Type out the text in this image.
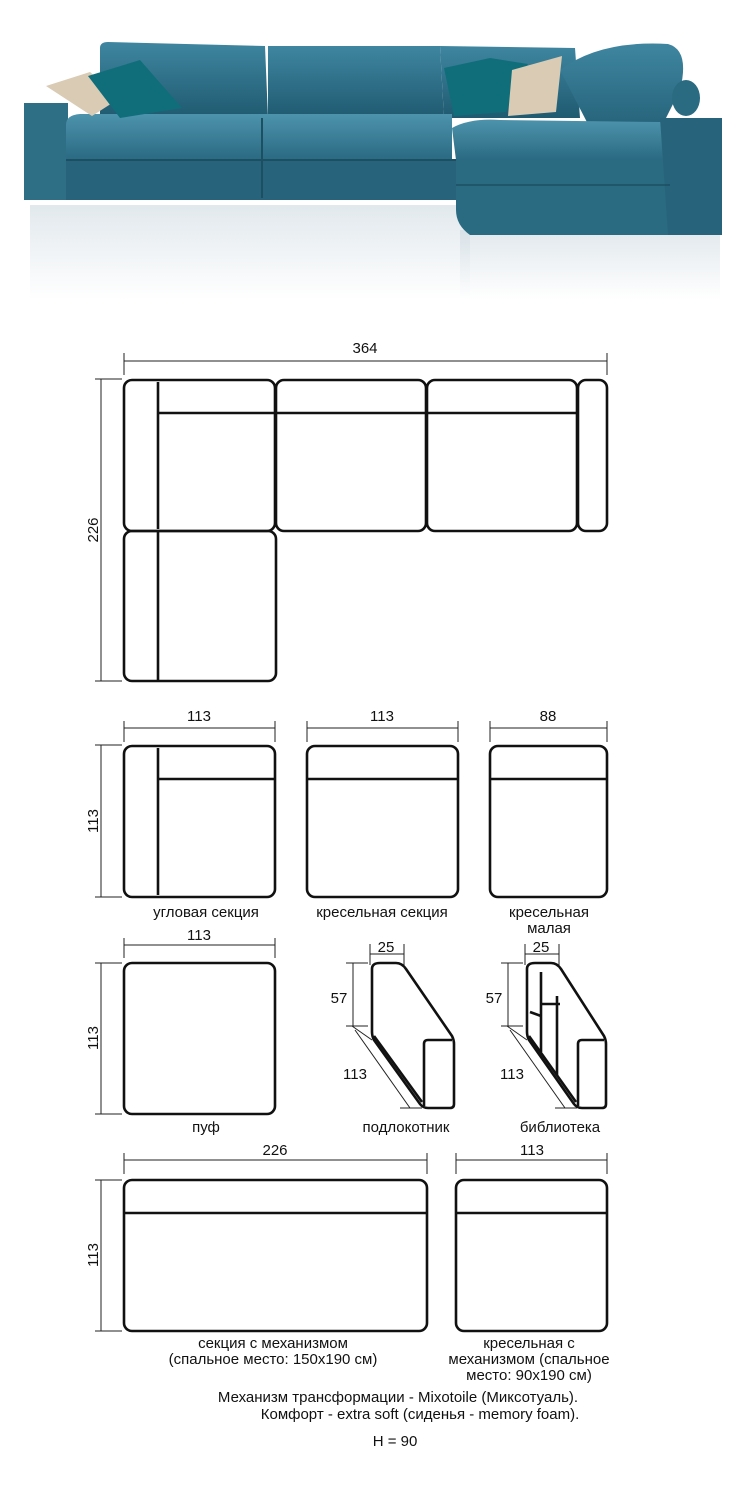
364
226
113
113
угловая секция
113
кресельная секция
88
кресельная
малая
113
113
пуф
25
57
113
подлокотник
25
57
113
библиотека
226
113
секция с механизмом
(спальное место: 150х190 см)
113
кресельная с
механизмом (спальное
место: 90х190 см)
Механизм трансформации - Mixotoile (Миксотуаль).
Комфорт - extra soft (сиденья - memory foam).
H = 90
